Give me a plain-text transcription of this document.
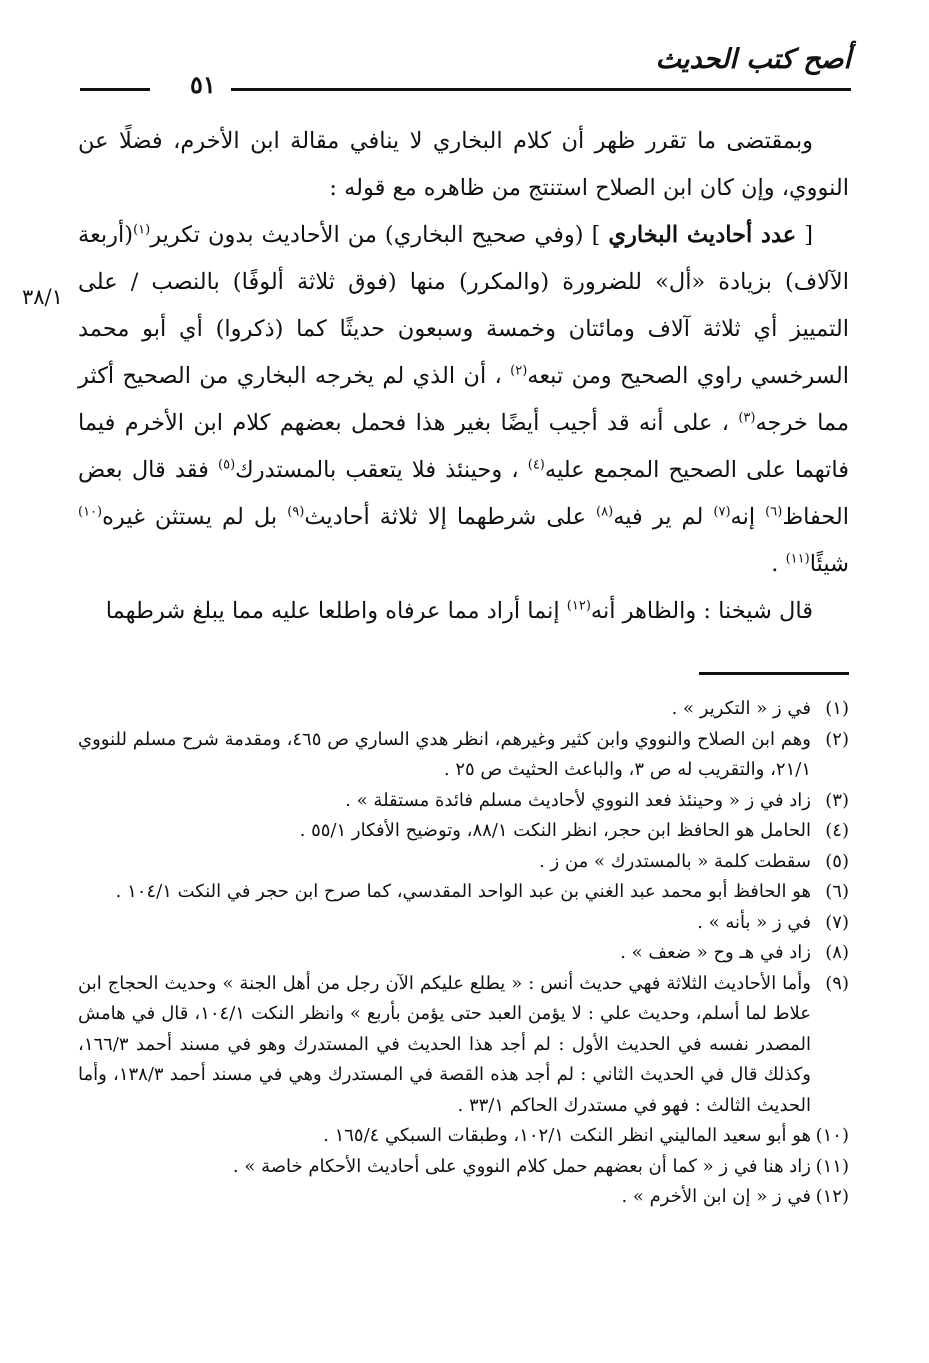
أصح كتب الحديث
٥١
٣٨/١

وبمقتضى ما تقرر ظهر أن كلام البخاري لا ينافي مقالة ابن الأخرم، فضلًا عن النووي، وإن كان ابن الصلاح استنتج من ظاهره مع قوله :

[ عدد أحاديث البخاري ] (وفي صحيح البخاري) من الأحاديث بدون تكرير$^{(١)}$(أربعة الآلاف) بزيادة «أل» للضرورة (والمكرر) منها (فوق ثلاثة ألوفًا) بالنصب / على التمييز أي ثلاثة آلاف ومائتان وخمسة وسبعون حديثًا كما (ذكروا) أي أبو محمد السرخسي راوي الصحيح ومن تبعه$^{(٢)}$ ، أن الذي لم يخرجه البخاري من الصحيح أكثر مما خرجه$^{(٣)}$ ، على أنه قد أجيب أيضًا بغير هذا فحمل بعضهم كلام ابن الأخرم فيما فاتهما على الصحيح المجمع عليه$^{(٤)}$ ، وحينئذ فلا يتعقب بالمستدرك$^{(٥)}$ فقد قال بعض الحفاظ$^{(٦)}$ إنه$^{(٧)}$ لم ير فيه$^{(٨)}$ على شرطهما إلا ثلاثة أحاديث$^{(٩)}$ بل لم يستثن غيره$^{(١٠)}$ شيئًا$^{(١١)}$ .

قال شيخنا : والظاهر أنه$^{(١٢)}$ إنما أراد مما عرفاه واطلعا عليه مما يبلغ شرطهما

(١)
في ز « التكرير » .
(٢)
وهم ابن الصلاح والنووي وابن كثير وغيرهم، انظر هدي الساري ص ٤٦٥، ومقدمة شرح مسلم للنووي ٢١/١، والتقريب له ص ٣، والباعث الحثيث ص ٢٥ .
(٣)
زاد في ز « وحينئذ فعد النووي لأحاديث مسلم فائدة مستقلة » .
(٤)
الحامل هو الحافظ ابن حجر، انظر النكت ٨٨/١، وتوضيح الأفكار ٥٥/١ .
(٥)
سقطت كلمة « بالمستدرك » من ز .
(٦)
هو الحافظ أبو محمد عبد الغني بن عبد الواحد المقدسي، كما صرح ابن حجر في النكت ١٠٤/١ .
(٧)
في ز « بأنه » .
(٨)
زاد في هـ وح « ضعف » .
(٩)
وأما الأحاديث الثلاثة فهي حديث أنس : « يطلع عليكم الآن رجل من أهل الجنة » وحديث الحجاج ابن علاط لما أسلم، وحديث علي : لا يؤمن العبد حتى يؤمن بأربع » وانظر النكت ١٠٤/١، قال في هامش المصدر نفسه في الحديث الأول : لم أجد هذا الحديث في المستدرك وهو في مسند أحمد ١٦٦/٣، وكذلك قال في الحديث الثاني : لم أجد هذه القصة في المستدرك وهي في مسند أحمد ١٣٨/٣، وأما الحديث الثالث : فهو في مستدرك الحاكم ٣٣/١ .
(١٠)
هو أبو سعيد الماليني انظر النكت ١٠٢/١، وطبقات السبكي ١٦٥/٤ .
(١١)
زاد هنا في ز « كما أن بعضهم حمل كلام النووي على أحاديث الأحكام خاصة » .
(١٢)
في ز « إن ابن الأخرم » .
